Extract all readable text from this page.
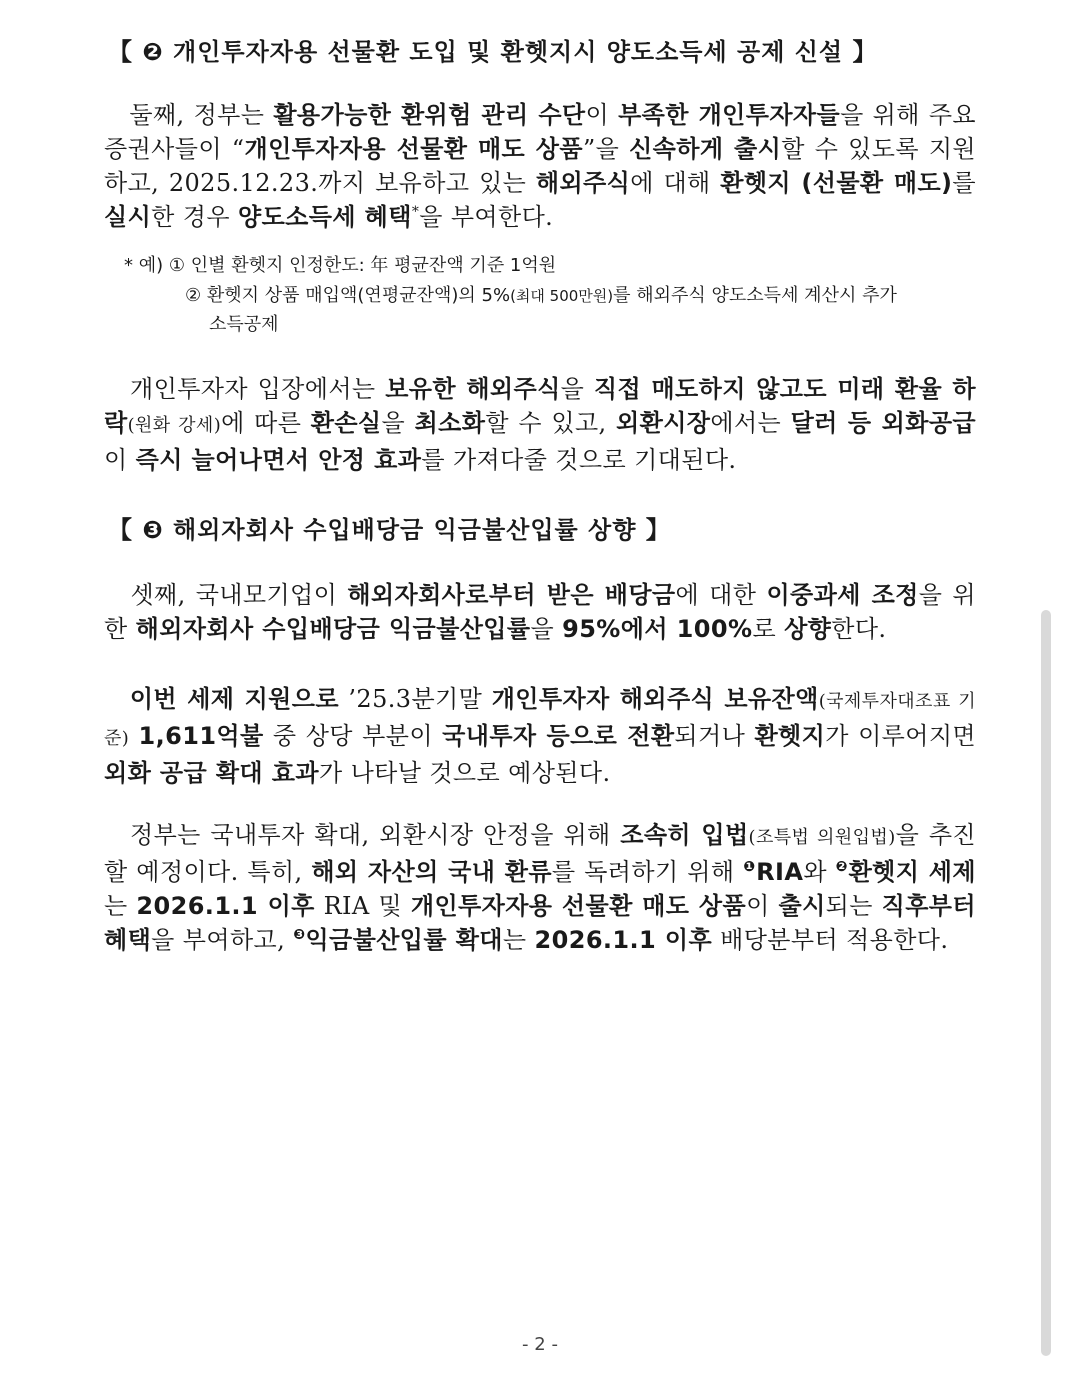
【 ❷ 개인투자자용 선물환 도입 및 환헷지시 양도소득세 공제 신설 】
　둘째, 정부는 활용가능한 환위험 관리 수단이 부족한 개인투자자들을 위해 주요 증권사들이 “개인투자자용 선물환 매도 상품”을 신속하게 출시할 수 있도록 지원하고, 2025.12.23.까지 보유하고 있는 해외주식에 대해 환헷지 (선물환 매도)를 실시한 경우 양도소득세 혜택*을 부여한다.
* 예) ① 인별 환헷지 인정한도: 年 평균잔액 기준 1억원
② 환헷지 상품 매입액(연평균잔액)의 5%(최대 500만원)를 해외주식 양도소득세 계산시 추가
소득공제
　개인투자자 입장에서는 보유한 해외주식을 직접 매도하지 않고도 미래 환율 하락(원화 강세)에 따른 환손실을 최소화할 수 있고, 외환시장에서는 달러 등 외화공급이 즉시 늘어나면서 안정 효과를 가져다줄 것으로 기대된다.
【 ❸ 해외자회사 수입배당금 익금불산입률 상향 】
　셋째, 국내모기업이 해외자회사로부터 받은 배당금에 대한 이중과세 조정을 위한 해외자회사 수입배당금 익금불산입률을 95%에서 100%로 상향한다.
　이번 세제 지원으로 ’25.3분기말 개인투자자 해외주식 보유잔액(국제투자대조표 기준) 1,611억불 중 상당 부분이 국내투자 등으로 전환되거나 환헷지가 이루어지면 외화 공급 확대 효과가 나타날 것으로 예상된다.
　정부는 국내투자 확대, 외환시장 안정을 위해 조속히 입법(조특법 의원입법)을 추진할 예정이다. 특히, 해외 자산의 국내 환류를 독려하기 위해 $^❶$RIA와 $^❷$환헷지 세제는 2026.1.1 이후 RIA 및 개인투자자용 선물환 매도 상품이 출시되는 직후부터 혜택을 부여하고, $^❸$익금불산입률 확대는 2026.1.1 이후 배당분부터 적용한다.
- 2 -
